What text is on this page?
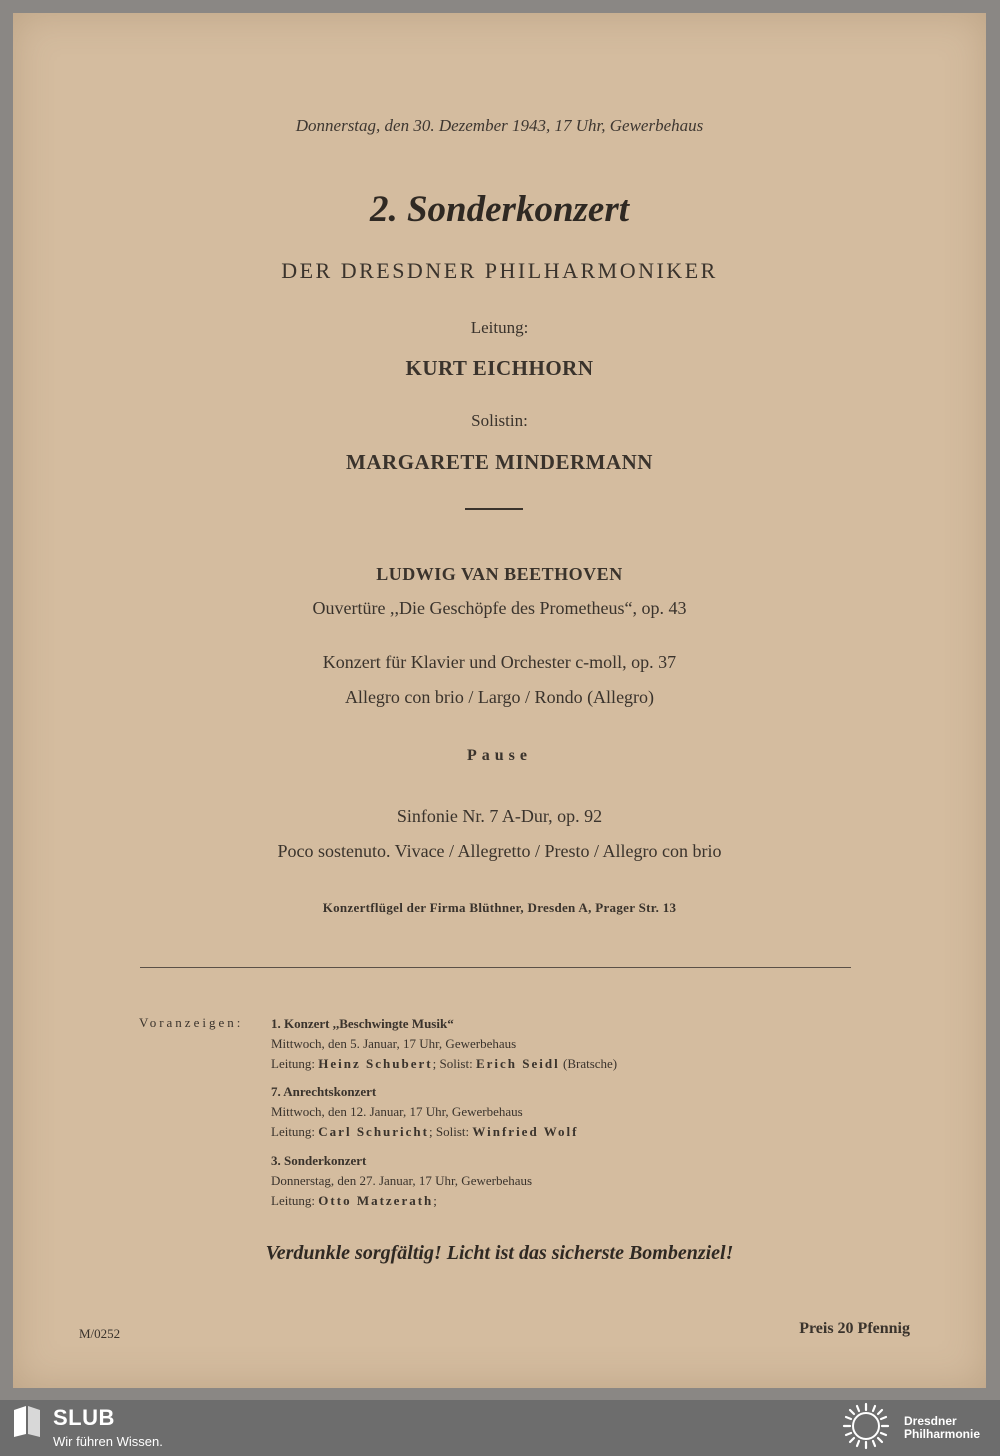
Donnerstag, den 30. Dezember 1943, 17 Uhr, Gewerbehaus
2. Sonderkonzert
DER DRESDNER PHILHARMONIKER
Leitung:
KURT EICHHORN
Solistin:
MARGARETE MINDERMANN
LUDWIG VAN BEETHOVEN
Ouvertüre ,,Die Geschöpfe des Prometheus“, op. 43
Konzert für Klavier und Orchester c-moll, op. 37
Allegro con brio / Largo / Rondo (Allegro)
Pause
Sinfonie Nr. 7 A-Dur, op. 92
Poco sostenuto. Vivace / Allegretto / Presto / Allegro con brio
Konzertflügel der Firma Blüthner, Dresden A, Prager Str. 13
Voranzeigen: 1. Konzert ,,Beschwingte Musik“
Mittwoch, den 5. Januar, 17 Uhr, Gewerbehaus
Leitung: Heinz Schubert; Solist: Erich Seidl (Bratsche)
7. Anrechtskonzert
Mittwoch, den 12. Januar, 17 Uhr, Gewerbehaus
Leitung: Carl Schuricht; Solist: Winfried Wolf
3. Sonderkonzert
Donnerstag, den 27. Januar, 17 Uhr, Gewerbehaus
Leitung: Otto Matzerath;
Verdunkle sorgfältig! Licht ist das sicherste Bombenziel!
M/0252	Preis 20 Pfennig
SLUB
Wir führen Wissen.
Dresdner
Philharmonie
